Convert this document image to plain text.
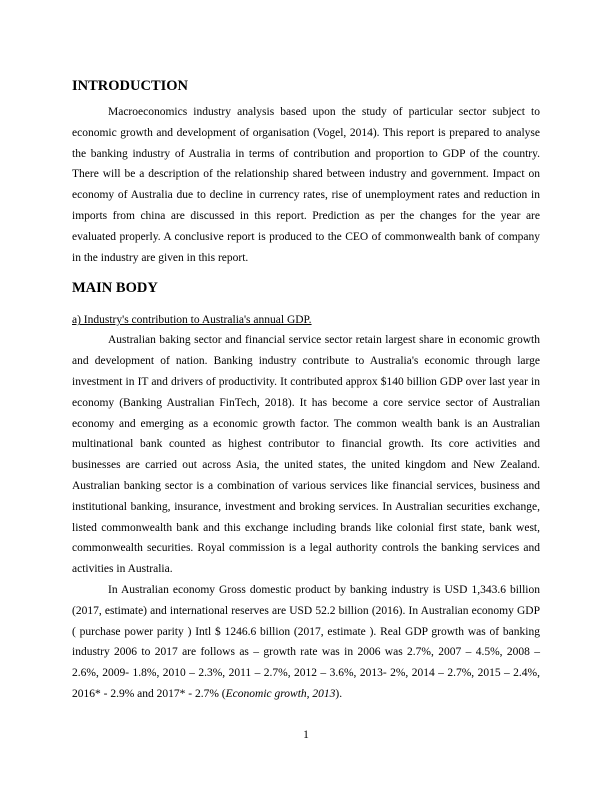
INTRODUCTION

Macroeconomics industry analysis based upon the study of particular sector subject to economic growth and development of organisation (Vogel, 2014). This report is prepared to analyse the banking industry of Australia in terms of contribution and proportion to GDP of the country. There will be a description of the relationship shared between industry and government. Impact on economy of Australia due to decline in currency rates, rise of unemployment rates and reduction in imports from china are discussed in this report. Prediction as per the changes for the year are evaluated properly. A conclusive report is produced to the CEO of commonwealth bank of company in the industry are given in this report.

MAIN BODY
a) Industry's contribution to Australia's annual GDP.

Australian baking sector and financial service sector retain largest share in economic growth and development of nation. Banking industry contribute to Australia's economic through large investment in IT and drivers of productivity. It contributed approx $140 billion GDP over last year in economy (Banking Australian FinTech, 2018). It has become a core service sector of Australian economy and emerging as a economic growth factor. The common wealth bank is an Australian multinational bank counted as highest contributor to financial growth. Its core activities and businesses are carried out across Asia, the united states, the united kingdom and New Zealand. Australian banking sector is a combination of various services like financial services, business and institutional banking, insurance, investment and broking services. In Australian securities exchange, listed commonwealth bank and this exchange including brands like colonial first state, bank west, commonwealth securities. Royal commission is a legal authority controls the banking services and activities in Australia.

In Australian economy Gross domestic product by banking industry is USD 1,343.6 billion (2017, estimate) and international reserves are USD 52.2 billion (2016). In Australian economy GDP ( purchase power parity ) Intl $ 1246.6 billion (2017, estimate ). Real GDP growth was of banking industry 2006 to 2017 are follows as – growth rate was in 2006 was 2.7%, 2007 – 4.5%, 2008 – 2.6%, 2009- 1.8%, 2010 – 2.3%, 2011 – 2.7%, 2012 – 3.6%, 2013- 2%, 2014 – 2.7%, 2015 – 2.4%, 2016* - 2.9% and 2017* - 2.7% (Economic growth, 2013).

1
